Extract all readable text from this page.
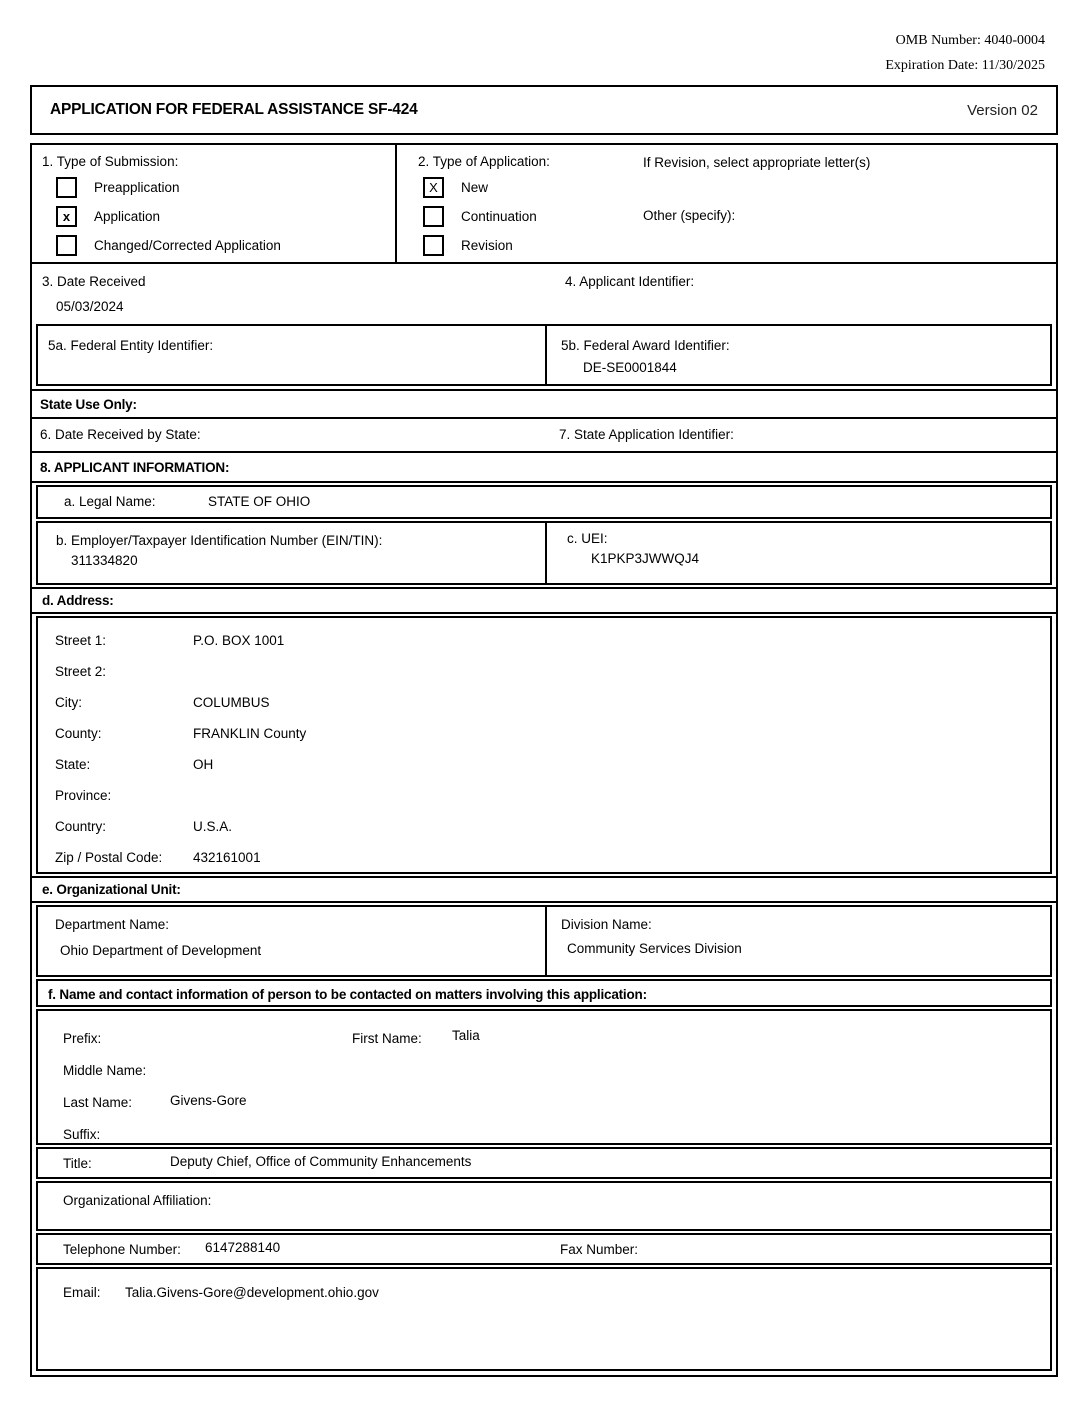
OMB Number: 4040-0004
Expiration Date: 11/30/2025
APPLICATION FOR FEDERAL ASSISTANCE SF-424	Version 02
1. Type of Submission:
Preapplication
x	Application
Changed/Corrected Application
2. Type of Application:
X	New
Continuation
Revision
If Revision, select appropriate letter(s)
Other (specify):
3. Date Received
05/03/2024
4. Applicant Identifier:
5a. Federal Entity Identifier:	5b. Federal Award Identifier:
DE-SE0001844
State Use Only:
6. Date Received by State:	7. State Application Identifier:
8. APPLICANT INFORMATION:
a. Legal Name:	STATE OF OHIO
b. Employer/Taxpayer Identification Number (EIN/TIN):
311334820
c. UEI:
K1PKP3JWWQJ4
d. Address:
Street 1:	P.O. BOX 1001
Street 2:
City:	COLUMBUS
County:	FRANKLIN County
State:	OH
Province:
Country:	U.S.A.
Zip / Postal Code:	432161001
e. Organizational Unit:
Department Name:
Ohio Department of Development
Division Name:
Community Services Division
f. Name and contact information of person to be contacted on matters involving this application:
Prefix:	First Name: Talia
Middle Name:
Last Name:	Givens-Gore
Suffix:
Title:	Deputy Chief, Office of Community Enhancements
Organizational Affiliation:
Telephone Number: 6147288140	Fax Number:
Email: Talia.Givens-Gore@development.ohio.gov
